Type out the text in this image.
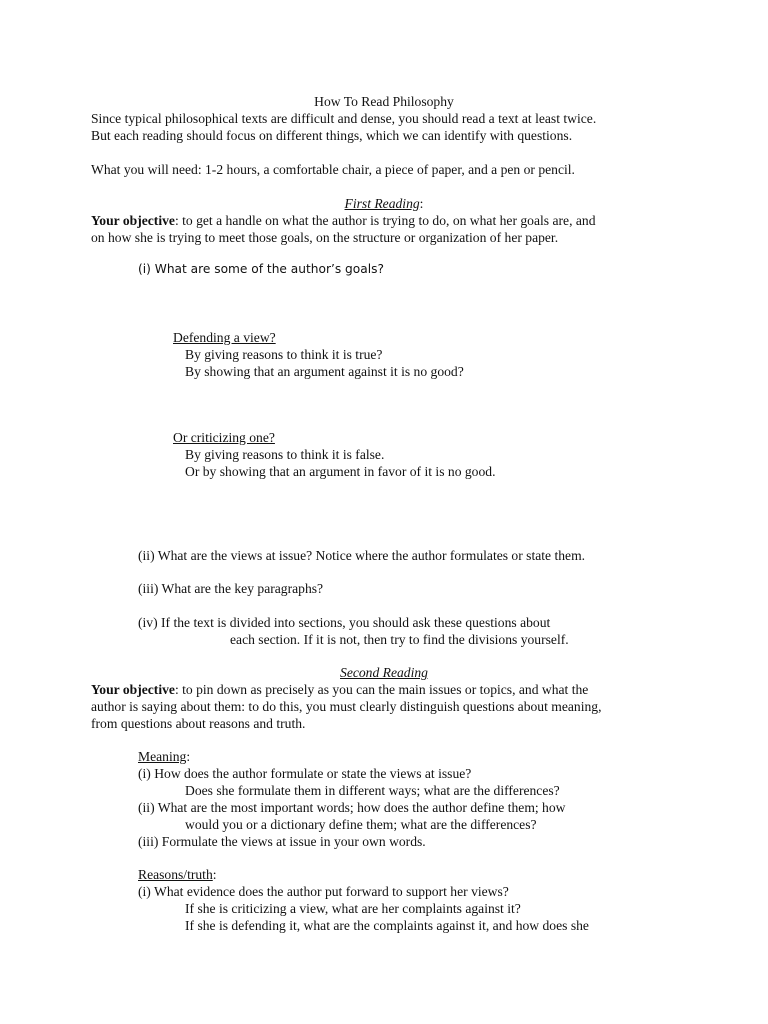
How To Read Philosophy
Since typical philosophical texts are difficult and dense, you should read a text at least twice.
But each reading should focus on different things, which we can identify with questions.
What you will need: 1-2 hours, a comfortable chair, a piece of paper, and a pen or pencil.
First Reading:
Your objective: to get a handle on what the author is trying to do, on what her goals are, and
on how she is trying to meet those goals, on the structure or organization of her paper.
(i) What are some of the author’s goals?
Defending a view?
By giving reasons to think it is true?
By showing that an argument against it is no good?
Or criticizing one?
By giving reasons to think it is false.
Or by showing that an argument in favor of it is no good.
(ii) What are the views at issue? Notice where the author formulates or state them.
(iii) What are the key paragraphs?
(iv) If the text is divided into sections, you should ask these questions about
each section. If it is not, then try to find the divisions yourself.
Second Reading
Your objective: to pin down as precisely as you can the main issues or topics, and what the
author is saying about them: to do this, you must clearly distinguish questions about meaning,
from questions about reasons and truth.
Meaning:
(i) How does the author formulate or state the views at issue?
Does she formulate them in different ways; what are the differences?
(ii) What are the most important words; how does the author define them; how
would you or a dictionary define them; what are the differences?
(iii) Formulate the views at issue in your own words.
Reasons/truth:
(i) What evidence does the author put forward to support her views?
If she is criticizing a view, what are her complaints against it?
If she is defending it, what are the complaints against it, and how does she
